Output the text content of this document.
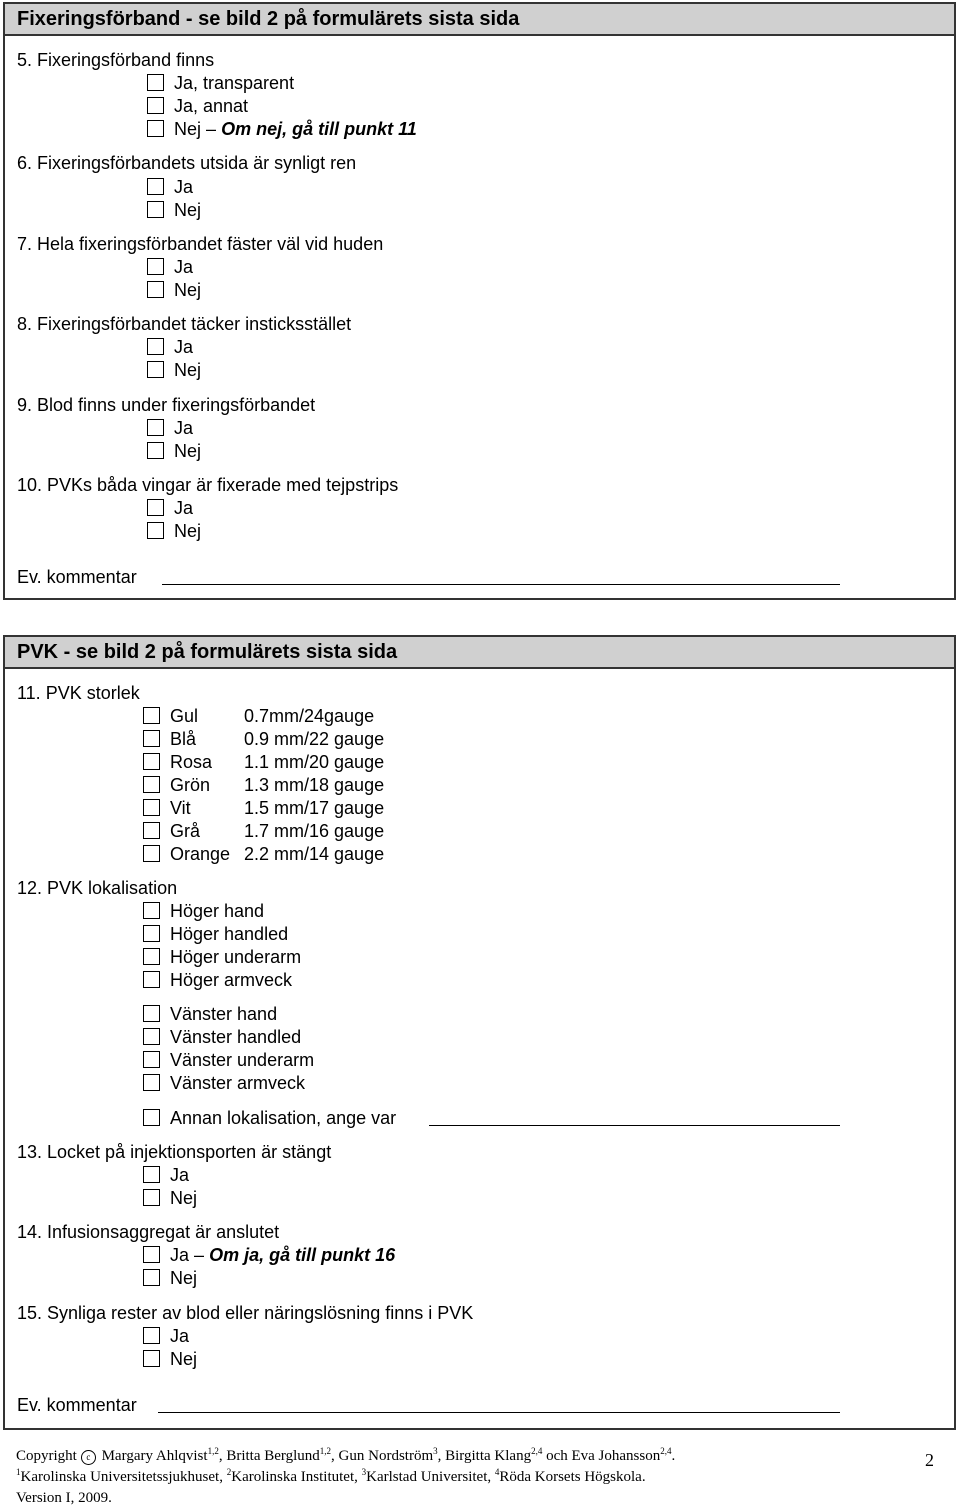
Fixeringsförband - se bild 2 på formulärets sista sida
5. Fixeringsförband finns
Ja, transparent
Ja, annat
Nej – Om nej, gå till punkt 11
6. Fixeringsförbandets utsida är synligt ren
Ja
Nej
7. Hela fixeringsförbandet fäster väl vid huden
Ja
Nej
8. Fixeringsförbandet täcker insticksstället
Ja
Nej
9. Blod finns under fixeringsförbandet
Ja
Nej
10. PVKs båda vingar är fixerade med tejpstrips
Ja
Nej
Ev. kommentar
PVK - se bild 2 på formulärets sista sida
11. PVK storlek
Gul	0.7mm/24gauge
Blå	0.9 mm/22 gauge
Rosa 1.1 mm/20 gauge
Grön 1.3 mm/18 gauge
Vit	1.5 mm/17 gauge
Grå 1.7 mm/16 gauge
Orange 2.2 mm/14 gauge
12. PVK lokalisation
Höger hand
Höger handled
Höger underarm
Höger armveck
Vänster hand
Vänster handled
Vänster underarm
Vänster armveck
Annan lokalisation, ange var
13. Locket på injektionsporten är stängt
Ja
Nej
14. Infusionsaggregat är anslutet
Ja – Om ja, gå till punkt 16
Nej
15. Synliga rester av blod eller näringslösning finns i PVK
Ja
Nej
Ev. kommentar
Copyright c Margary Ahlqvist$^{1,2}$, Britta Berglund$^{1,2}$, Gun Nordström$^3$, Birgitta Klang$^{2,4}$ och Eva Johansson$^{2,4}$.
$^1$Karolinska Universitetssjukhuset, $^2$Karolinska Institutet, $^3$Karlstad Universitet, $^4$Röda Korsets Högskola.
Version I, 2009.
2
